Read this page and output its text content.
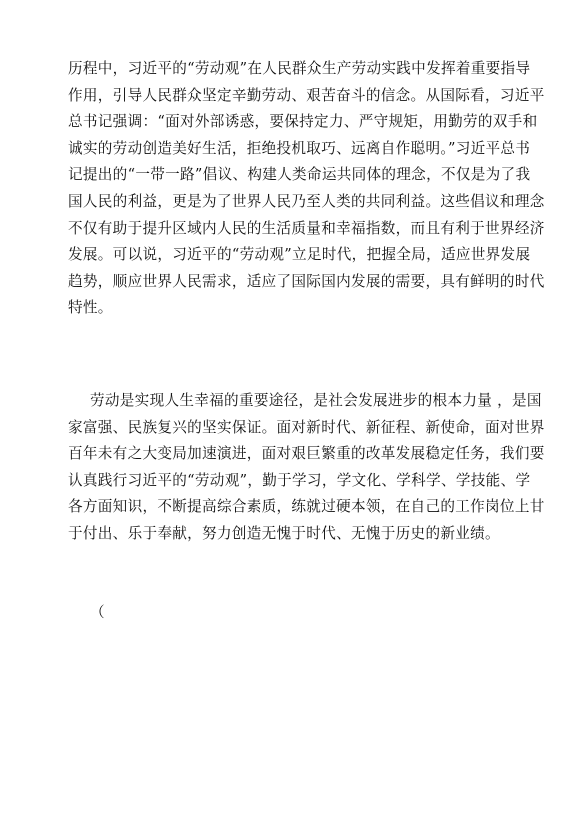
历程中，习近平的“劳动观”在人民群众生产劳动实践中发挥着重要指导
作用，引导人民群众坚定辛勤劳动、艰苦奋斗的信念。从国际看，习近平
总书记强调：“面对外部诱惑，要保持定力、严守规矩，用勤劳的双手和
诚实的劳动创造美好生活，拒绝投机取巧、远离自作聪明。”习近平总书
记提出的“一带一路”倡议、构建人类命运共同体的理念，不仅是为了我
国人民的利益，更是为了世界人民乃至人类的共同利益。这些倡议和理念
不仅有助于提升区域内人民的生活质量和幸福指数，而且有利于世界经济
发展。可以说，习近平的“劳动观”立足时代，把握全局，适应世界发展
趋势，顺应世界人民需求，适应了国际国内发展的需要，具有鲜明的时代
特性。
劳动是实现人生幸福的重要途径，是社会发展进步的根本力量 ，是国
家富强、民族复兴的坚实保证。面对新时代、新征程、新使命，面对世界
百年未有之大变局加速演进，面对艰巨繁重的改革发展稳定任务，我们要
认真践行习近平的“劳动观”，勤于学习，学文化、学科学、学技能、学
各方面知识，不断提高综合素质，练就过硬本领，在自己的工作岗位上甘
于付出、乐于奉献，努力创造无愧于时代、无愧于历史的新业绩。
（
